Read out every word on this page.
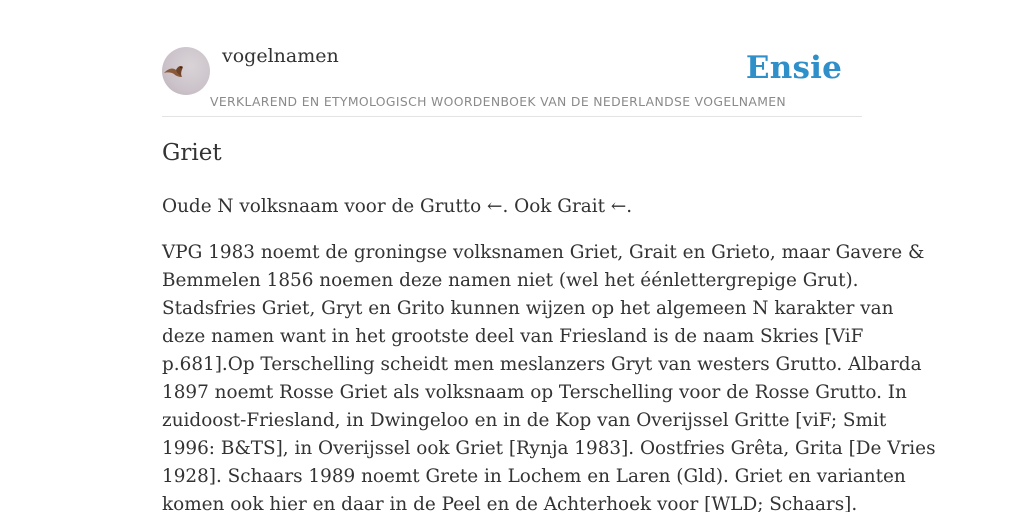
vogelnamen	Ensie
VERKLAREND EN ETYMOLOGISCH WOORDENBOEK VAN DE NEDERLANDSE VOGELNAMEN
Griet

Oude N volksnaam voor de Grutto ←. Ook Grait ←.

VPG 1983 noemt de groningse volksnamen Griet, Grait en Grieto, maar Gavere &
Bemmelen 1856 noemen deze namen niet (wel het éénlettergrepige Grut).
Stadsfries Griet, Gryt en Grito kunnen wijzen op het algemeen N karakter van
deze namen want in het grootste deel van Friesland is de naam Skries [ViF
p.681].Op Terschelling scheidt men meslanzers Gryt van westers Grutto. Albarda
1897 noemt Rosse Griet als volksnaam op Terschelling voor de Rosse Grutto. In
zuidoost-Friesland, in Dwingeloo en in de Kop van Overijssel Gritte [viF; Smit
1996: B&TS], in Overijssel ook Griet [Rynja 1983]. Oostfries Grêta, Grita [De Vries
1928]. Schaars 1989 noemt Grete in Lochem en Laren (Gld). Griet en varianten
komen ook hier en daar in de Peel en de Achterhoek voor [WLD; Schaars].
